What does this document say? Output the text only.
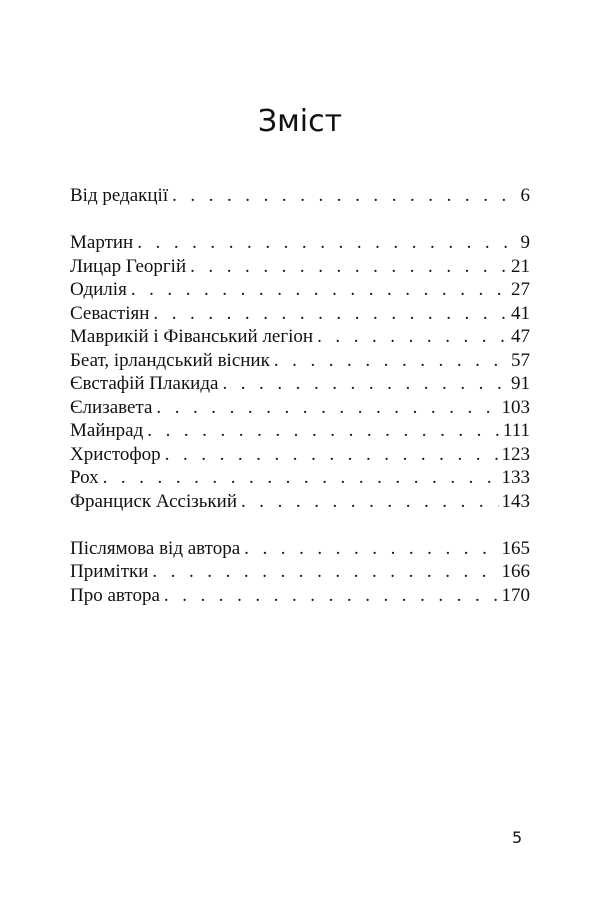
Зміст
Від редакції . . .	6
Мартин . . .	9
Лицар Георгій . . .	21
Одилія . . .	27
Севастіян . . .	41
Маврикій і Фіванський легіон . . .	47
Беат, ірландський вісник . . .	57
Євстафій Плакида . . .	91
Єлизавета . . .	103
Майнрад . . .	111
Христофор . . .	123
Рох . . .	133
Франциск Ассізький . . .	143
Післямова від автора . . .	165
Примітки . . .	166
Про автора . . .	170
5
